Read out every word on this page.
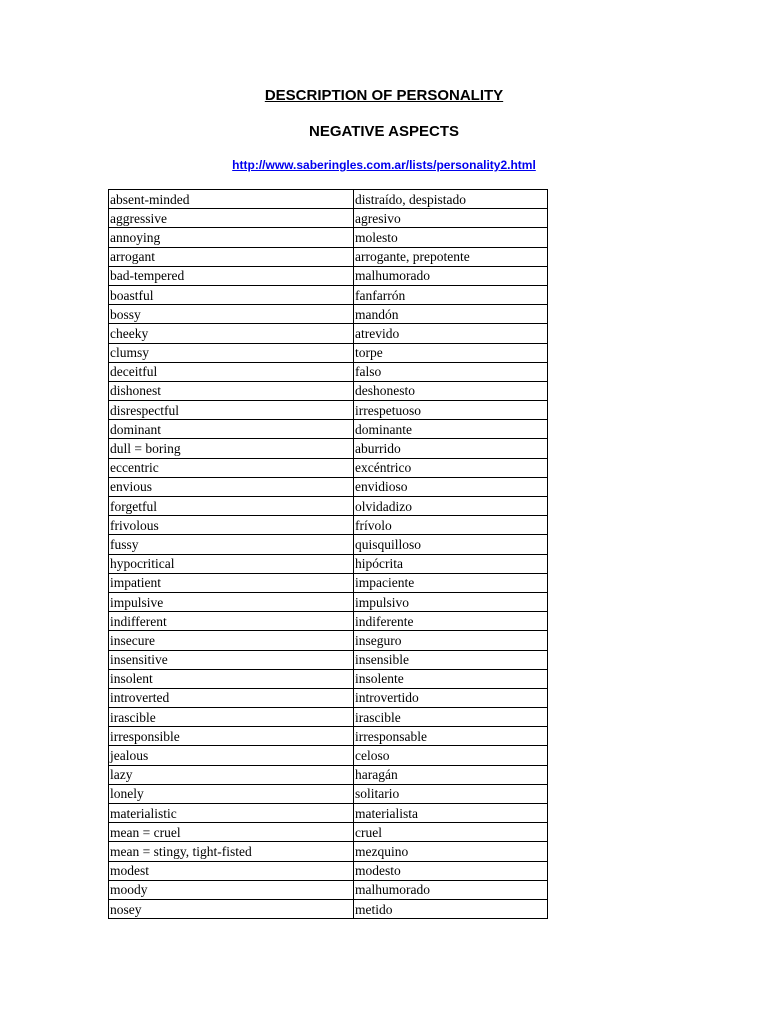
DESCRIPTION OF PERSONALITY
NEGATIVE ASPECTS
http://www.saberingles.com.ar/lists/personality2.html
absent-minded	distraído, despistado
aggressive	agresivo
annoying	molesto
arrogant	arrogante, prepotente
bad-tempered	malhumorado
boastful	fanfarrón
bossy	mandón
cheeky	atrevido
clumsy	torpe
deceitful	falso
dishonest	deshonesto
disrespectful	irrespetuoso
dominant	dominante
dull = boring	aburrido
eccentric	excéntrico
envious	envidioso
forgetful	olvidadizo
frivolous	frívolo
fussy	quisquilloso
hypocritical	hipócrita
impatient	impaciente
impulsive	impulsivo
indifferent	indiferente
insecure	inseguro
insensitive	insensible
insolent	insolente
introverted	introvertido
irascible	irascible
irresponsible	irresponsable
jealous	celoso
lazy	haragán
lonely	solitario
materialistic	materialista
mean = cruel	cruel
mean = stingy, tight-fisted	mezquino
modest	modesto
moody	malhumorado
nosey	metido
